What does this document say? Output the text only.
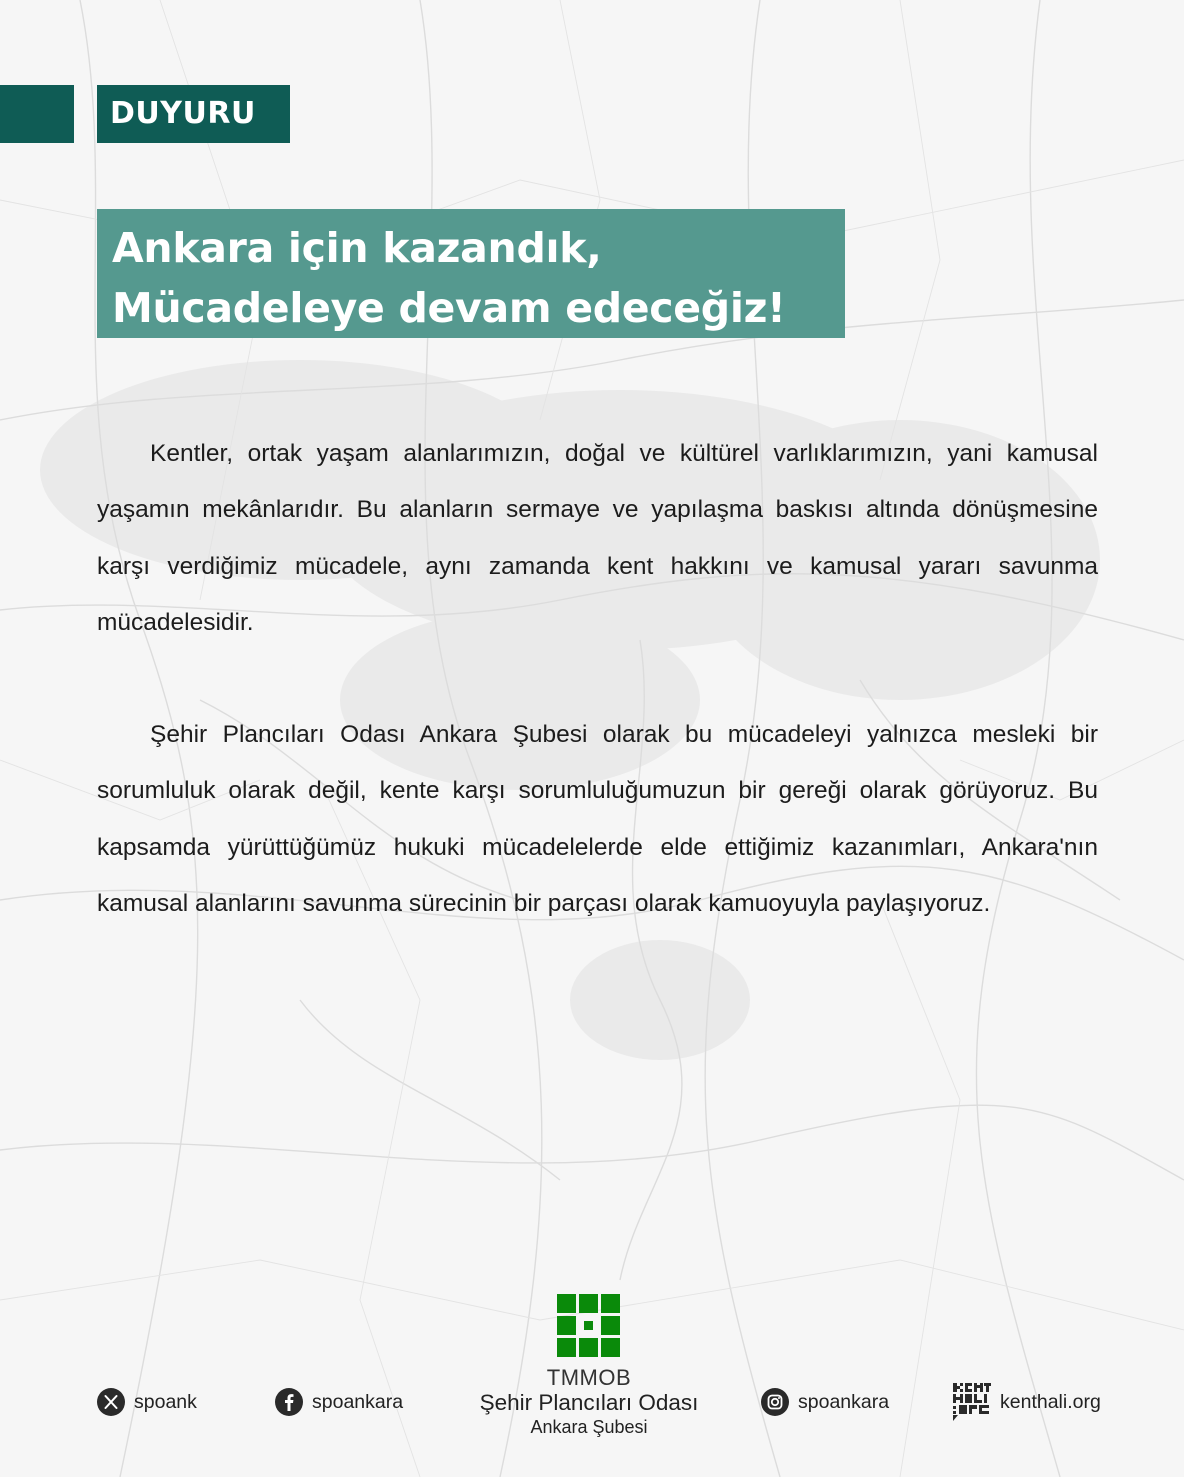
DUYURU
Ankara için kazandık,
Mücadeleye devam edeceğiz!

Kentler, ortak yaşam alanlarımızın, doğal ve kültürel varlıklarımızın, yani kamusal yaşamın mekânlarıdır. Bu alanların sermaye ve yapılaşma baskısı altında dönüşmesine karşı verdiğimiz mücadele, aynı zamanda kent hakkını ve kamusal yararı savunma mücadelesidir.

Şehir Plancıları Odası Ankara Şubesi olarak bu mücadeleyi yalnızca mesleki bir sorumluluk olarak değil, kente karşı sorumluluğumuzun bir gereği olarak görüyoruz. Bu kapsamda yürüttüğümüz hukuki mücadelelerde elde ettiğimiz kazanımları, Ankara'nın kamusal alanlarını savunma sürecinin bir parçası olarak kamuoyuyla paylaşıyoruz.

TMMOB
Şehir Plancıları Odası
Ankara Şubesi
spoank	spoankara	spoankara	kenthali.org
